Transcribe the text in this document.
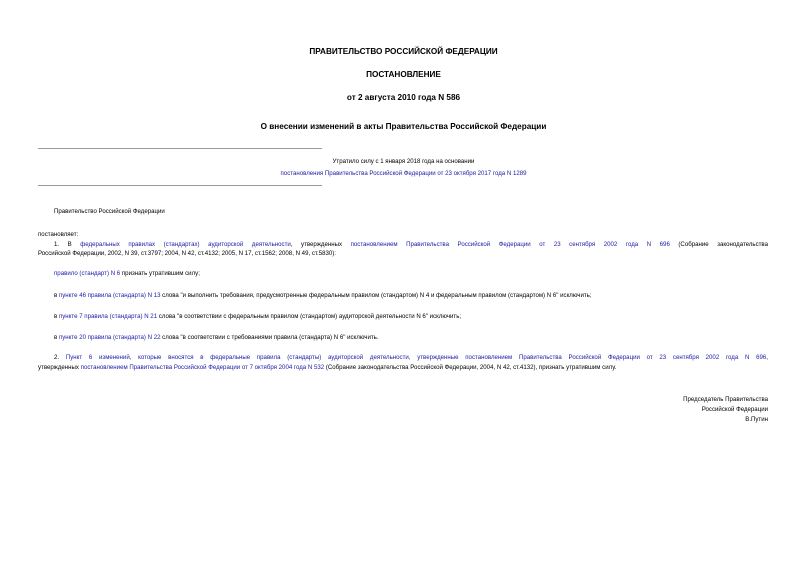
ПРАВИТЕЛЬСТВО РОССИЙСКОЙ ФЕДЕРАЦИИ
ПОСТАНОВЛЕНИЕ
от 2 августа 2010 года N 586
О внесении изменений в акты Правительства Российской Федерации
Утратило силу с 1 января 2018 года на основании
постановления Правительства Российской Федерации от 23 октября 2017 года N 1289
Правительство Российской Федерации
постановляет:
1. В федеральных правилах (стандартах) аудиторской деятельности, утвержденных постановлением Правительства Российской Федерации от 23 сентября 2002 года N 696 (Собрание законодательства
Российской Федерации, 2002, N 39, ст.3797; 2004, N 42, ст.4132; 2005, N 17, ст.1562; 2008, N 49, ст.5830):
правило (стандарт) N 6 признать утратившим силу;
в пункте 46 правила (стандарта) N 13 слова "и выполнить требования, предусмотренные федеральным правилом (стандартом) N 4 и федеральным правилом (стандартом) N 6" исключить;
в пункте 7 правила (стандарта) N 21 слова "в соответствии с федеральным правилом (стандартом) аудиторской деятельности N 6" исключить;
в пункте 20 правила (стандарта) N 22 слова "в соответствии с требованиями правила (стандарта) N 6" исключить.
2. Пункт 6 изменений, которые вносятся в федеральные правила (стандарты) аудиторской деятельности, утвержденные постановлением Правительства Российской Федерации от 23 сентября 2002 года N 696,
утвержденных постановлением Правительства Российской Федерации от 7 октября 2004 года N 532 (Собрание законодательства Российской Федерации, 2004, N 42, ст.4132), признать утратившим силу.
Председатель Правительства
Российской Федерации
В.Путин
